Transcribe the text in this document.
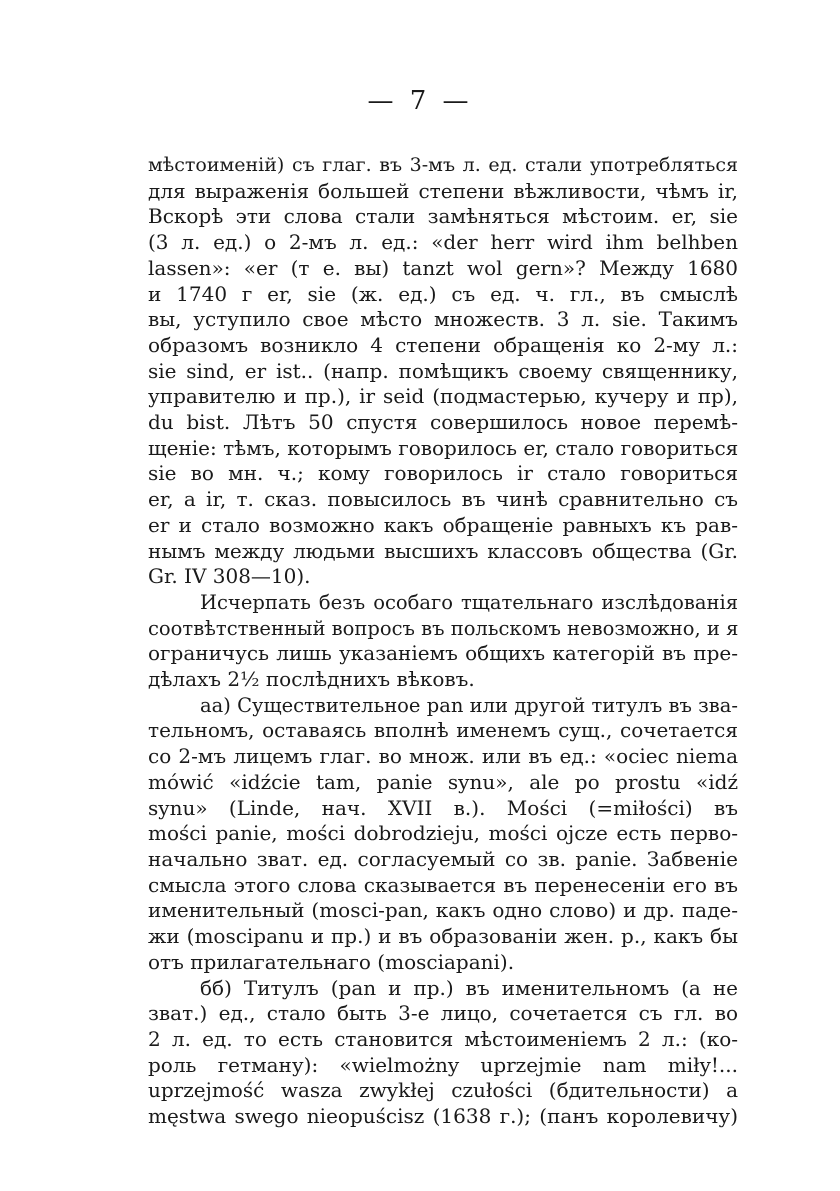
— 7 —
мѣстоименій) съ глаг. въ 3-мъ л. ед. стали употребляться
для выраженія большей степени вѣжливости, чѣмъ ir,
Вскорѣ эти слова стали замѣняться мѣстоим. er, sie
(3 л. ед.) о 2-мъ л. ед.: «der herr wird ihm belhben
lassen»: «er (т е. вы) tanzt wol gern»? Между 1680
и 1740 г er, sie (ж. ед.) съ ед. ч. гл., въ смыслѣ
вы, уступило свое мѣсто множеств. 3 л. sie. Такимъ
образомъ возникло 4 степени обращенія ко 2-му л.:
sie sind, er ist.. (напр. помѣщикъ своему священнику,
управителю и пр.), ir seid (подмастерью, кучеру и пр),
du bist. Лѣтъ 50 спустя совершилось новое перемѣ-
щеніе: тѣмъ, которымъ говорилось er, стало говориться
sie во мн. ч.; кому говорилось ir стало говориться
er, a ir, т. сказ. повысилось въ чинѣ сравнительно съ
er и стало возможно какъ обращеніе равныхъ къ рав-
нымъ между людьми высшихъ классовъ общества (Gr.
Gr. IV 308—10).
Исчерпать безъ особаго тщательнаго изслѣдованія
соотвѣтственный вопросъ въ польскомъ невозможно, и я
ограничусь лишь указаніемъ общихъ категорій въ пре-
дѣлахъ 2½ послѣднихъ вѣковъ.
аа) Существительное pan или другой титулъ въ зва-
тельномъ, оставаясь вполнѣ именемъ сущ., сочетается
со 2-мъ лицемъ глаг. во множ. или въ ед.: «ociec niema
mówić «idźcie tam, panie synu», ale po prostu «idź
synu» (Linde, нач. XVII в.). Mości (=miłości) въ
mości panie, mości dobrodzieju, mości ojcze есть перво-
начально зват. ед. согласуемый со зв. panie. Забвеніе
смысла этого слова сказывается въ перенесеніи его въ
именительный (mosci-pan, какъ одно слово) и др. паде-
жи (moscipanu и пр.) и въ образованіи жен. р., какъ бы
отъ прилагательнаго (mosciapani).
бб) Титулъ (pan и пр.) въ именительномъ (а не
зват.) ед., стало быть 3-е лицо, сочетается съ гл. во
2 л. ед. то есть становится мѣстоименіемъ 2 л.: (ко-
роль гетману): «wielmożny uprzejmie nam miły!...
uprzejmość wasza zwykłej czułości (бдительности) a
męstwa swego nieopuścisz (1638 г.); (панъ королевичу)
